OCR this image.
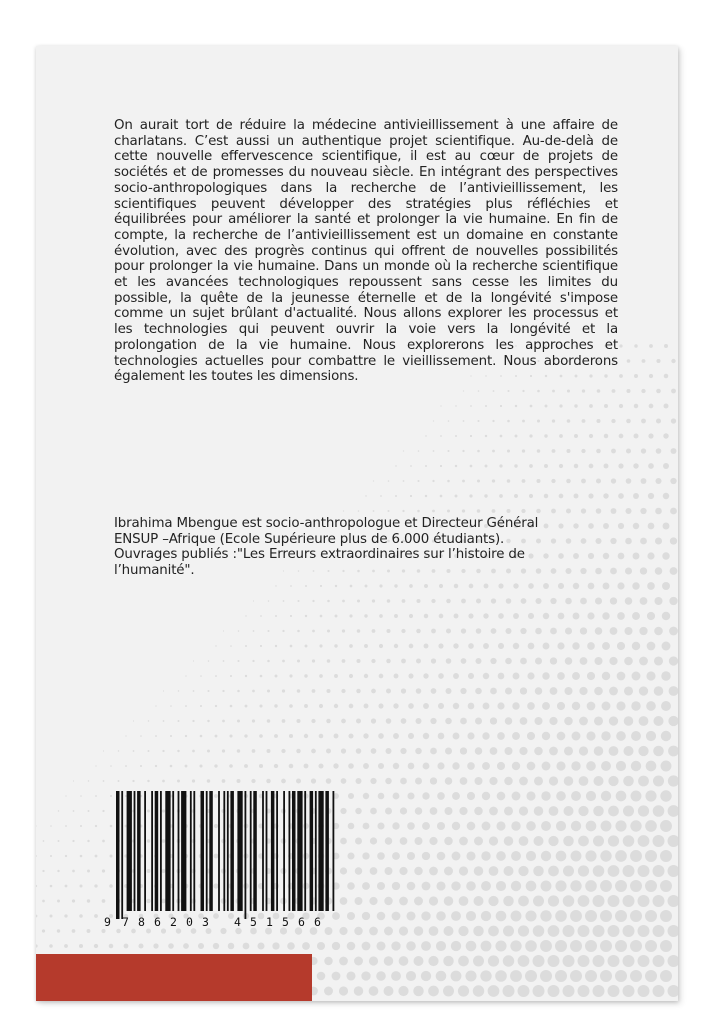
On aurait tort de réduire la médecine antivieillissement à une affaire de charlatans. C’est aussi un authentique projet scientifique. Au-de-delà de cette nouvelle effervescence scientifique, il est au cœur de projets de sociétés et de promesses du nouveau siècle. En intégrant des perspectives socio-anthropologiques dans la recherche de l’antivieillissement, les scientifiques peuvent développer des stratégies plus réfléchies et équilibrées pour améliorer la santé et prolonger la vie humaine. En fin de compte, la recherche de l’antivieillissement est un domaine en constante évolution, avec des progrès continus qui offrent de nouvelles possibilités pour prolonger la vie humaine. Dans un monde où la recherche scientifique et les avancées technologiques repoussent sans cesse les limites du possible, la quête de la jeunesse éternelle et de la longévité s'impose comme un sujet brûlant d'actualité. Nous allons explorer les processus et les technologies qui peuvent ouvrir la voie vers la longévité et la prolongation de la vie humaine. Nous explorerons les approches et technologies actuelles pour combattre le vieillissement. Nous aborderons également les toutes les dimensions.

Ibrahima Mbengue est socio-anthropologue et Directeur Général
ENSUP –Afrique (Ecole Supérieure plus de 6.000 étudiants).
Ouvrages publiés :"Les Erreurs extraordinaires sur l’histoire de
l’humanité".
9 7 8 6 2 0 3 4 5 1 5 6 6
